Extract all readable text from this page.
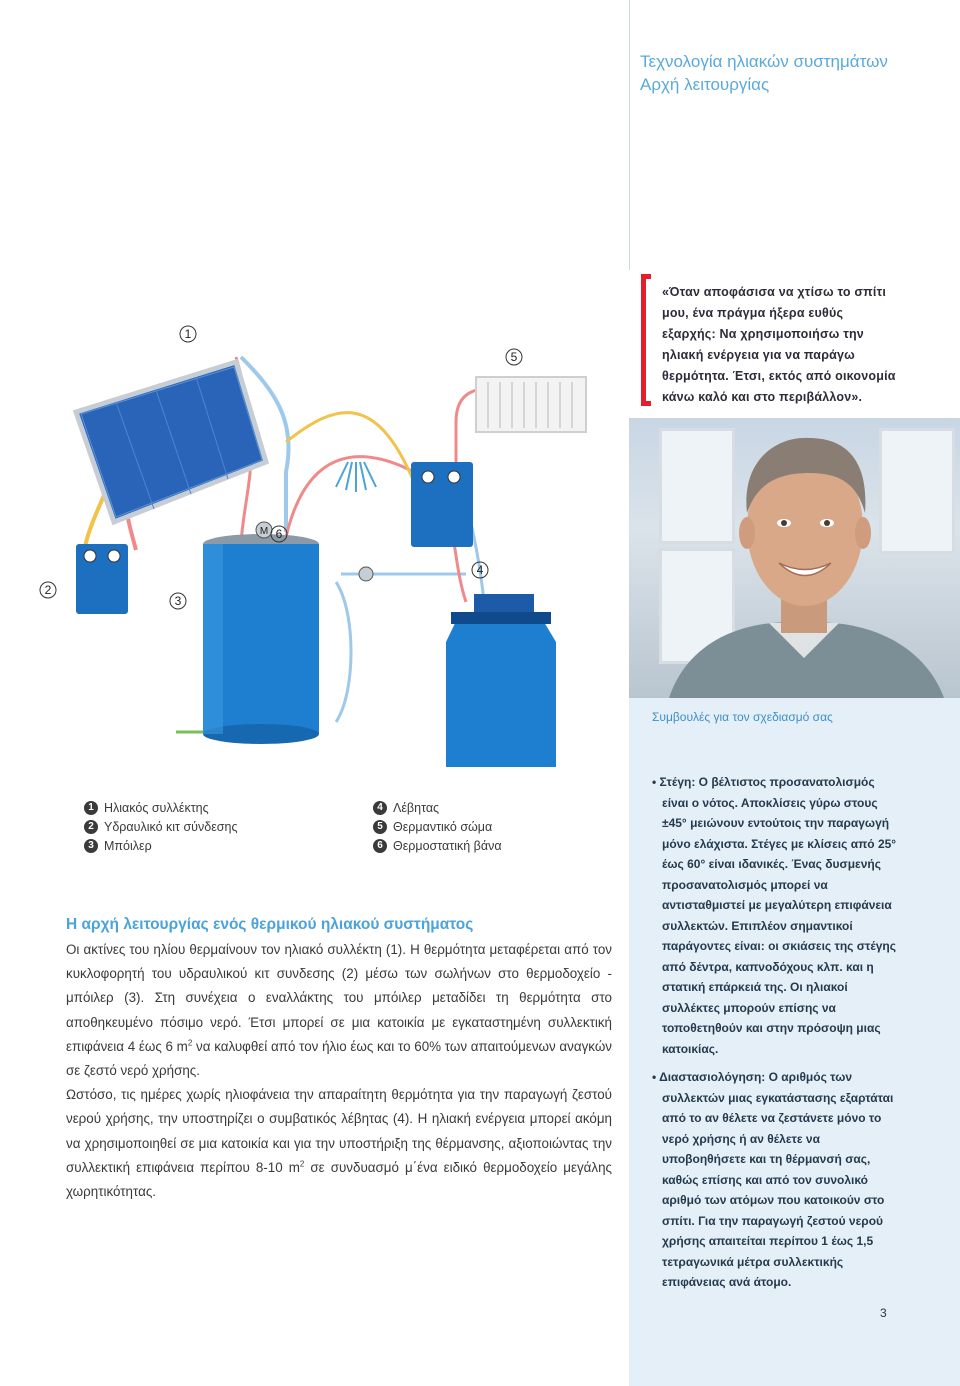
Τεχνολογία ηλιακών συστημάτων
Αρχή λειτουργίας
«Όταν αποφάσισα να χτίσω το σπίτι μου, ένα πράγμα ήξερα ευθύς εξαρχής: Να χρησιμοποιήσω την ηλιακή ενέργεια για να παράγω θερμότητα. Έτσι, εκτός από οικονομία κάνω καλό και στο περιβάλλον».
1
2
3
4
5
6
M
1 Ηλιακός συλλέκτης
2 Υδραυλικό κιτ σύνδεσης
3 Μπόιλερ
4 Λέβητας
5 Θερμαντικό σώμα
6 Θερμοστατική βάνα
Η αρχή λειτουργίας ενός θερμικού ηλιακού συστήματος

Οι ακτίνες του ηλίου θερμαίνουν τον ηλιακό συλλέκτη (1). Η θερμότητα μεταφέρεται από τον κυκλοφορητή του υδραυλικού κιτ συνδεσης (2) μέσω των σωλήνων στο θερμοδοχείο - μπόιλερ (3). Στη συνέχεια ο εναλλάκτης του μπόιλερ μεταδίδει τη θερμότητα στο αποθηκευμένο πόσιμο νερό. Έτσι μπορεί σε μια κατοικία με εγκαταστημένη συλλεκτική επιφάνεια 4 έως 6 $m^2$ να καλυφθεί από τον ήλιο έως και το 60% των απαιτούμενων αναγκών σε ζεστό νερό χρήσης.

Ωστόσο, τις ημέρες χωρίς ηλιοφάνεια την απαραίτητη θερμότητα για την παραγωγή ζεστού νερού χρήσης, την υποστηρίζει ο συμβατικός λέβητας (4). Η ηλιακή ενέργεια μπορεί ακόμη να χρησιμοποιηθεί σε μια κατοικία και για την υποστήριξη της θέρμανσης, αξιοποιώντας την συλλεκτική επιφάνεια περίπου 8-10 $m^2$ σε συνδυασμό μ΄ένα ειδικό θερμοδοχείο μεγάλης χωρητικότητας.

Συμβουλές για τον σχεδιασμό σας

• Στέγη: Ο βέλτιστος προσανατολισμός είναι ο νότος. Αποκλίσεις γύρω στους ±45° μειώνουν εντούτοις την παραγωγή μόνο ελάχιστα. Στέγες με κλίσεις από 25° έως 60° είναι ιδανικές. Ένας δυσμενής προσανατολισμός μπορεί να αντισταθμιστεί με μεγαλύτερη επιφάνεια συλλεκτών. Επιπλέον σημαντικοί παράγοντες είναι: οι σκιάσεις της στέγης από δέντρα, καπνοδόχους κλπ. και η στατική επάρκειά της. Οι ηλιακοί συλλέκτες μπορούν επίσης να τοποθετηθούν και στην πρόσοψη μιας κατοικίας.

• Διαστασιολόγηση: Ο αριθμός των συλλεκτών μιας εγκατάστασης εξαρτάται από το αν θέλετε να ζεστάνετε μόνο το νερό χρήσης ή αν θέλετε να υποβοηθήσετε και τη θέρμανσή σας, καθώς επίσης και από τον συνολικό αριθμό των ατόμων που κατοικούν στο σπίτι. Για την παραγωγή ζεστού νερού χρήσης απαιτείται περίπου 1 έως 1,5 τετραγωνικά μέτρα συλλεκτικής επιφάνειας ανά άτομο.

3
